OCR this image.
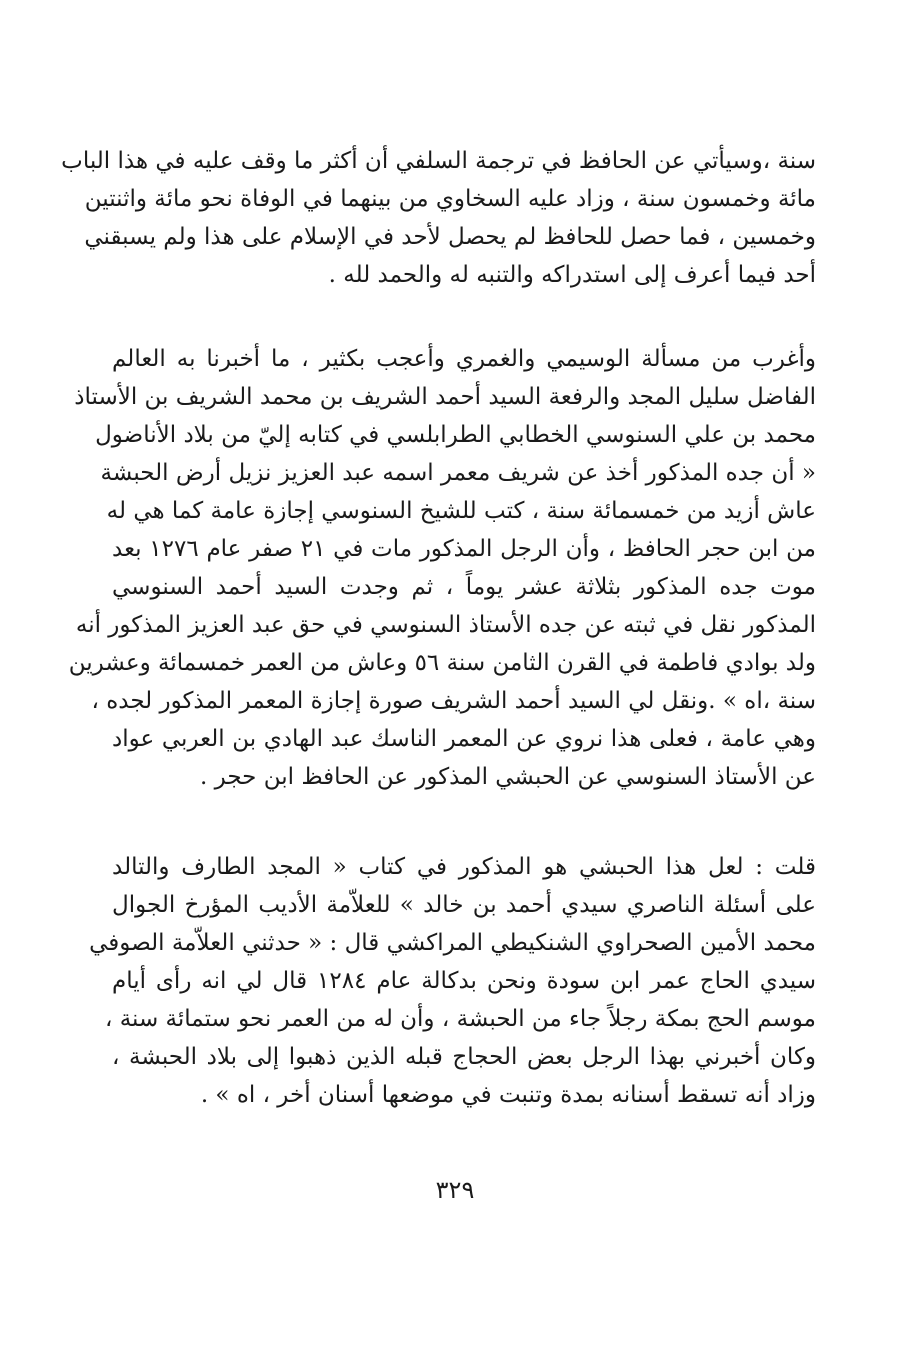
سنة ،وسيأتي عن الحافظ في ترجمة السلفي أن أكثر ما وقف عليه في هذا الباب
مائة وخمسون سنة ، وزاد عليه السخاوي من بينهما في الوفاة نحو مائة واثنتين
وخمسين ، فما حصل للحافظ لم يحصل لأحد في الإسلام على هذا ولم يسبقني
أحد فيما أعرف إلى استدراكه والتنبه له والحمد لله .
وأغرب من مسألة الوسيمي والغمري وأعجب بكثير ، ما أخبرنا به العالم
الفاضل سليل المجد والرفعة السيد أحمد الشريف بن محمد الشريف بن الأستاذ
محمد بن علي السنوسي الخطابي الطرابلسي في كتابه إليّ من بلاد الأناضول
« أن جده المذكور أخذ عن شريف معمر اسمه عبد العزيز نزيل أرض الحبشة
عاش أزيد من خمسمائة سنة ، كتب للشيخ السنوسي إجازة عامة كما هي له
من ابن حجر الحافظ ، وأن الرجل المذكور مات في ٢١ صفر عام ١٢٧٦ بعد
موت جده المذكور بثلاثة عشر يوماً ، ثم وجدت السيد أحمد السنوسي
المذكور نقل في ثبته عن جده الأستاذ السنوسي في حق عبد العزيز المذكور أنه
ولد بوادي فاطمة في القرن الثامن سنة ٥٦ وعاش من العمر خمسمائة وعشرين
سنة ،اه » .ونقل لي السيد أحمد الشريف صورة إجازة المعمر المذكور لجده ،
وهي عامة ، فعلى هذا نروي عن المعمر الناسك عبد الهادي بن العربي عواد
عن الأستاذ السنوسي عن الحبشي المذكور عن الحافظ ابن حجر .
قلت : لعل هذا الحبشي هو المذكور في كتاب « المجد الطارف والتالد
على أسئلة الناصري سيدي أحمد بن خالد » للعلاّمة الأديب المؤرخ الجوال
محمد الأمين الصحراوي الشنكيطي المراكشي قال : « حدثني العلاّمة الصوفي
سيدي الحاج عمر ابن سودة ونحن بدكالة عام ١٢٨٤ قال لي انه رأى أيام
موسم الحج بمكة رجلاً جاء من الحبشة ، وأن له من العمر نحو ستمائة سنة ،
وكان أخبرني بهذا الرجل بعض الحجاج قبله الذين ذهبوا إلى بلاد الحبشة ،
وزاد أنه تسقط أسنانه بمدة وتنبت في موضعها أسنان أخر ، اه » .
٣٢٩
